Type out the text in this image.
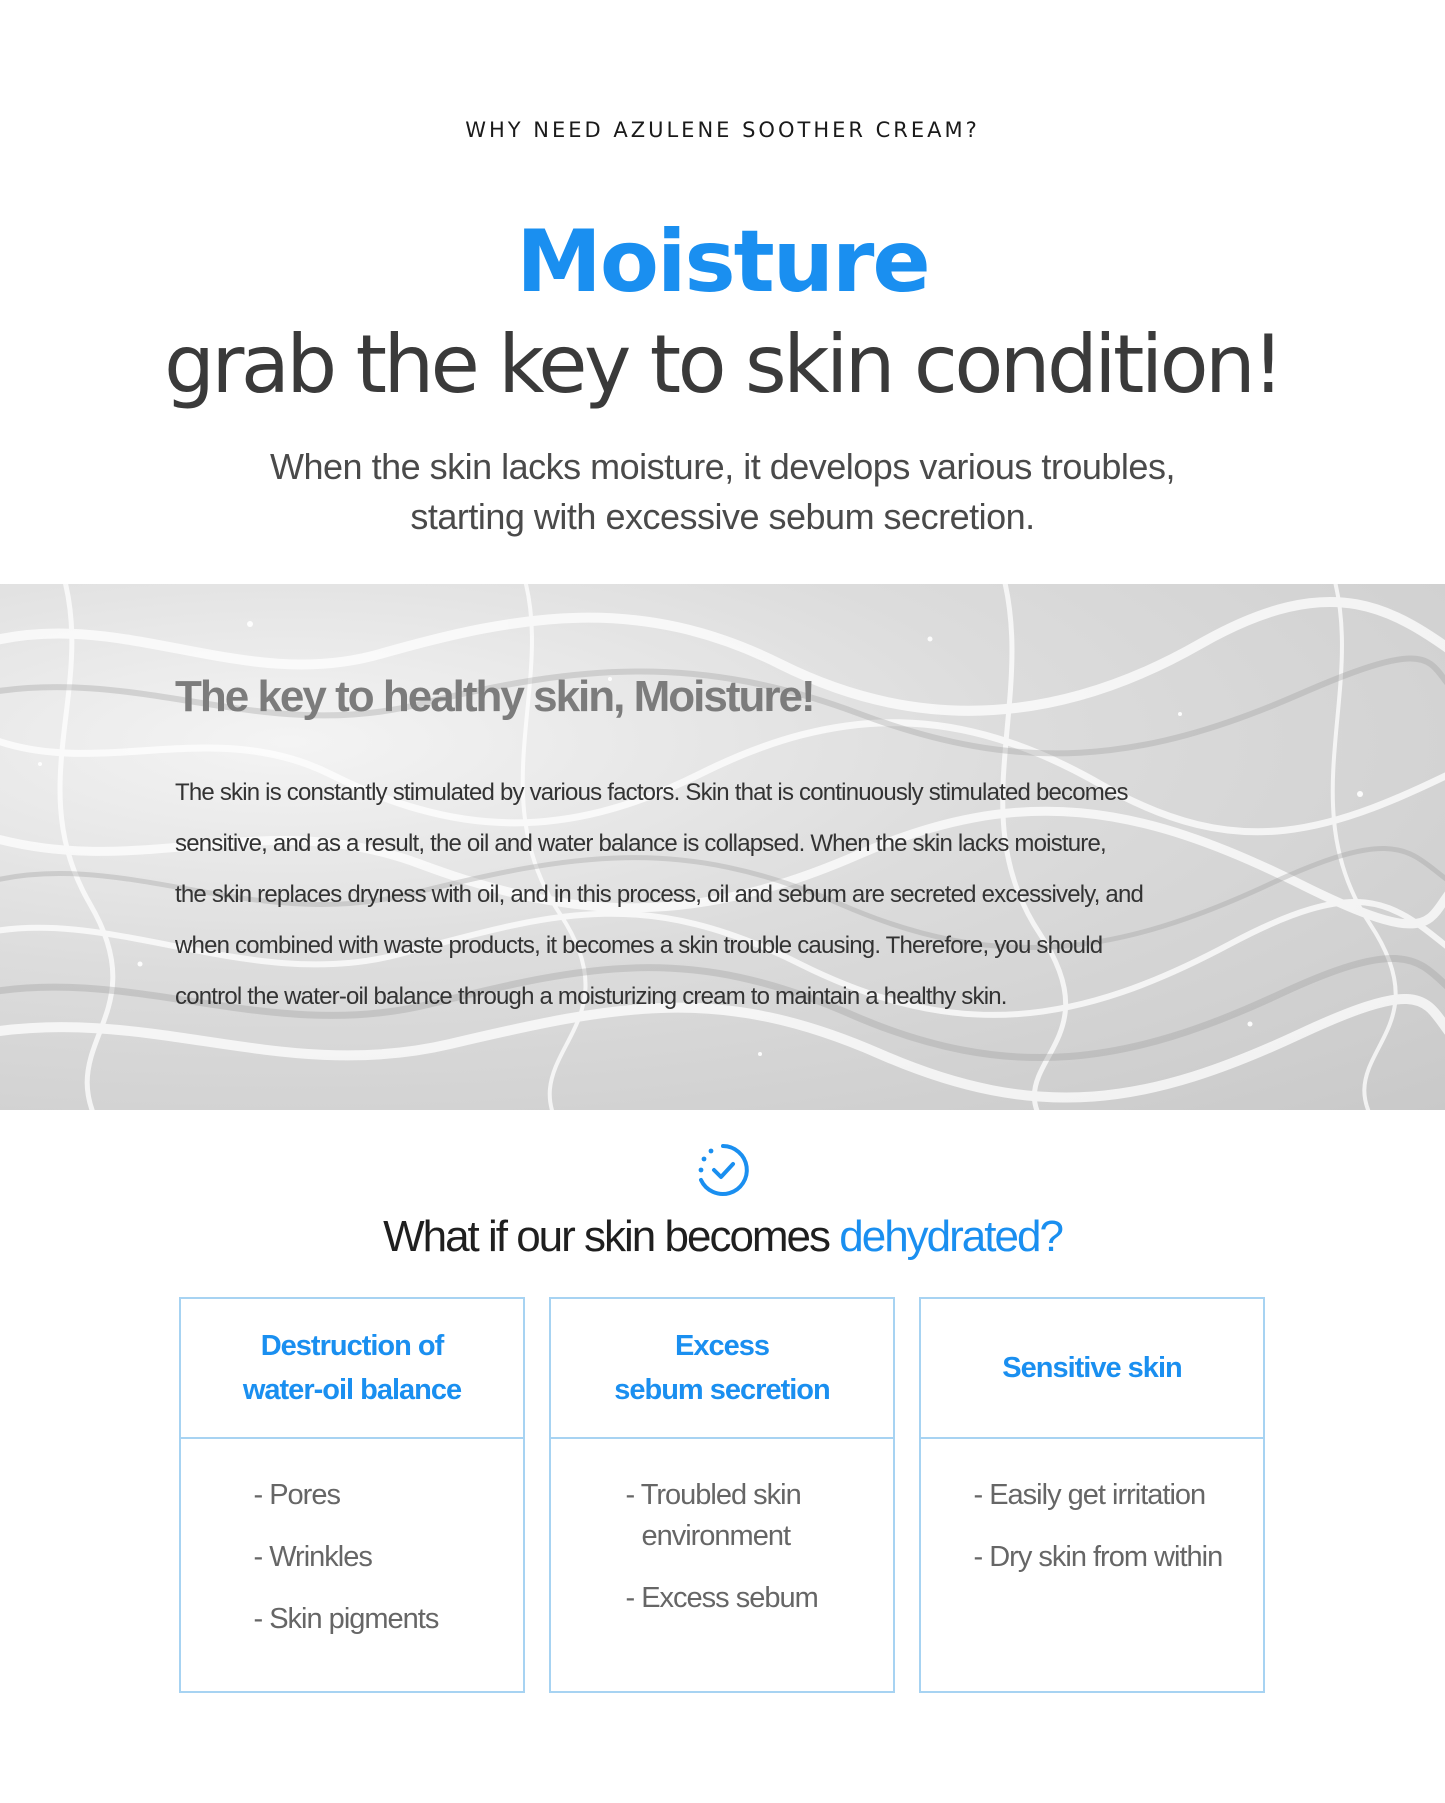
WHY NEED AZULENE SOOTHER CREAM?
Moisture
grab the key to skin condition!
When the skin lacks moisture, it develops various troubles,
starting with excessive sebum secretion.
The key to healthy skin, Moisture!
The skin is constantly stimulated by various factors. Skin that is continuously stimulated becomes
sensitive, and as a result, the oil and water balance is collapsed. When the skin lacks moisture,
the skin replaces dryness with oil, and in this process, oil and sebum are secreted excessively, and
when combined with waste products, it becomes a skin trouble causing. Therefore, you should
control the water-oil balance through a moisturizing cream to maintain a healthy skin.
What if our skin becomes dehydrated?
Destruction of
water-oil balance
- Pores
- Wrinkles
- Skin pigments
Excess
sebum secretion
- Troubled skin environment
- Excess sebum
Sensitive skin
- Easily get irritation
- Dry skin from within
